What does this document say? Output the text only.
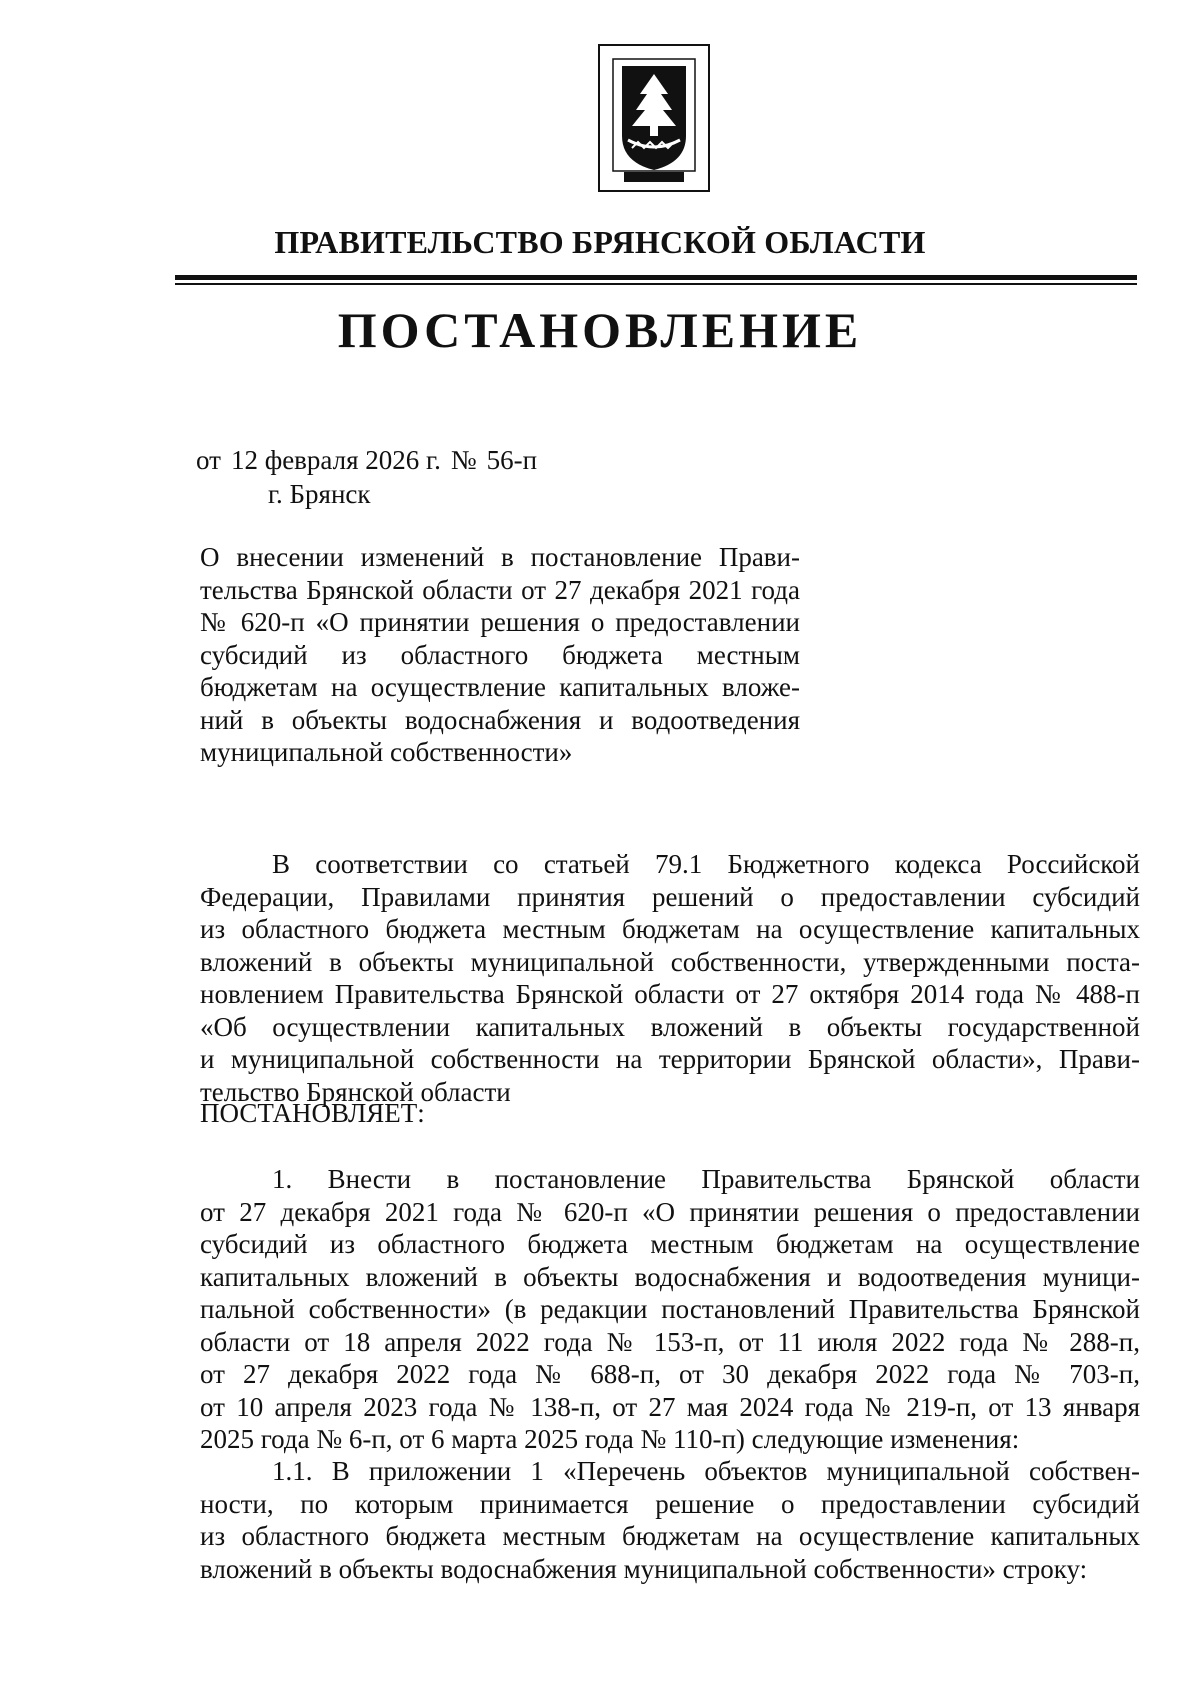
ПРАВИТЕЛЬСТВО БРЯНСКОЙ ОБЛАСТИ
ПОСТАНОВЛЕНИЕ
от 12 февраля 2026 г. № 56-п
г. Брянск
О внесении изменений в постановление Прави-
тельства Брянской области от 27 декабря 2021 года
№ 620-п «О принятии решения о предоставлении
субсидий из областного бюджета местным
бюджетам на осуществление капитальных вложе-
ний в объекты водоснабжения и водоотведения
муниципальной собственности»
В соответствии со статьей 79.1 Бюджетного кодекса Российской
Федерации, Правилами принятия решений о предоставлении субсидий
из областного бюджета местным бюджетам на осуществление капитальных
вложений в объекты муниципальной собственности, утвержденными поста-
новлением Правительства Брянской области от 27 октября 2014 года № 488-п
«Об осуществлении капитальных вложений в объекты государственной
и муниципальной собственности на территории Брянской области», Прави-
тельство Брянской области
ПОСТАНОВЛЯЕТ:
1. Внести в постановление Правительства Брянской области
от 27 декабря 2021 года № 620-п «О принятии решения о предоставлении
субсидий из областного бюджета местным бюджетам на осуществление
капитальных вложений в объекты водоснабжения и водоотведения муници-
пальной собственности» (в редакции постановлений Правительства Брянской
области от 18 апреля 2022 года № 153-п, от 11 июля 2022 года № 288-п,
от 27 декабря 2022 года № 688-п, от 30 декабря 2022 года № 703-п,
от 10 апреля 2023 года № 138-п, от 27 мая 2024 года № 219-п, от 13 января
2025 года № 6-п, от 6 марта 2025 года № 110-п) следующие изменения:
1.1. В приложении 1 «Перечень объектов муниципальной собствен-
ности, по которым принимается решение о предоставлении субсидий
из областного бюджета местным бюджетам на осуществление капитальных
вложений в объекты водоснабжения муниципальной собственности» строку:
